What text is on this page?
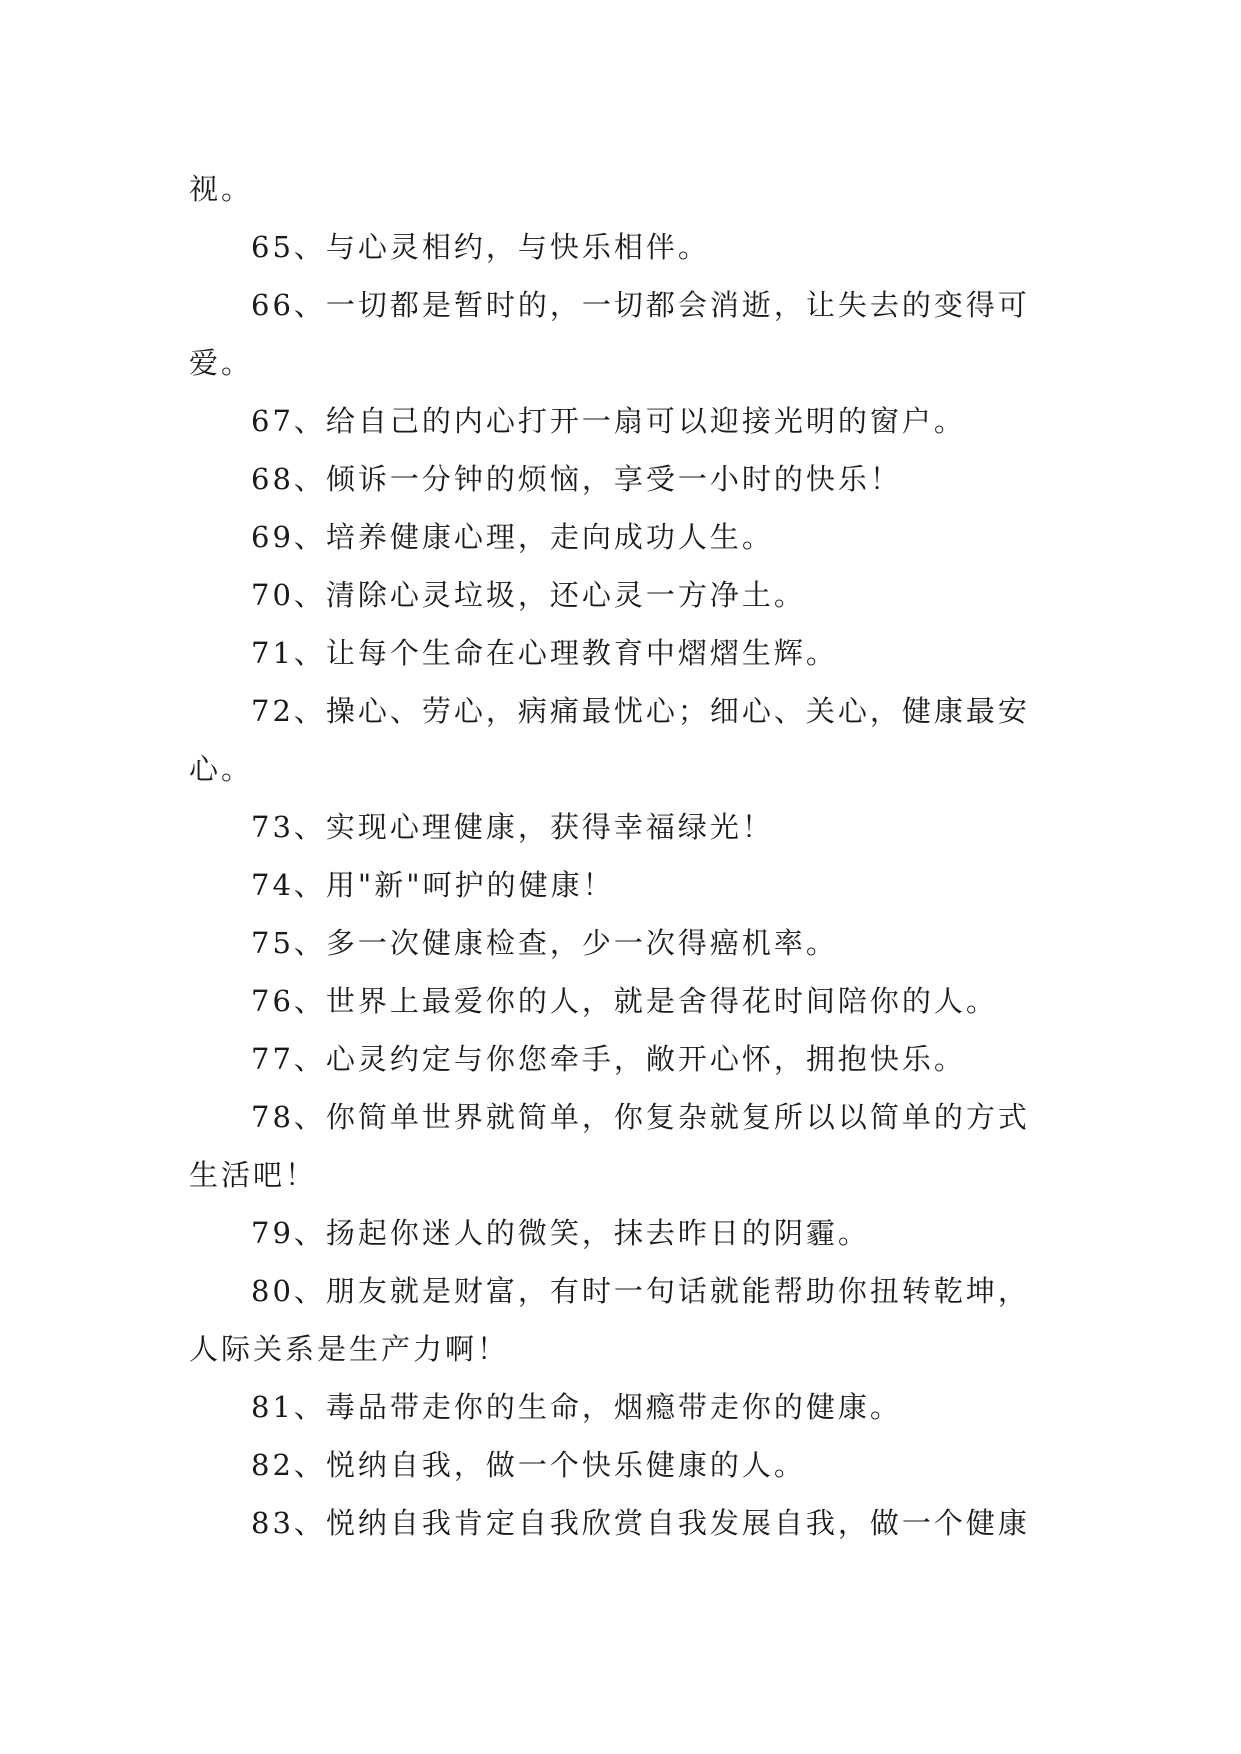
视。
65、与心灵相约，与快乐相伴。
66、一切都是暂时的，一切都会消逝，让失去的变得可
爱。
67、给自己的内心打开一扇可以迎接光明的窗户。
68、倾诉一分钟的烦恼，享受一小时的快乐！
69、培养健康心理，走向成功人生。
70、清除心灵垃圾，还心灵一方净土。
71、让每个生命在心理教育中熠熠生辉。
72、操心、劳心，病痛最忧心；细心、关心，健康最安
心。
73、实现心理健康，获得幸福绿光！
74、用"新"呵护的健康！
75、多一次健康检查，少一次得癌机率。
76、世界上最爱你的人，就是舍得花时间陪你的人。
77、心灵约定与你您牵手，敞开心怀，拥抱快乐。
78、你简单世界就简单，你复杂就复所以以简单的方式
生活吧！
79、扬起你迷人的微笑，抹去昨日的阴霾。
80、朋友就是财富，有时一句话就能帮助你扭转乾坤，
人际关系是生产力啊！
81、毒品带走你的生命，烟瘾带走你的健康。
82、悦纳自我，做一个快乐健康的人。
83、悦纳自我肯定自我欣赏自我发展自我，做一个健康
